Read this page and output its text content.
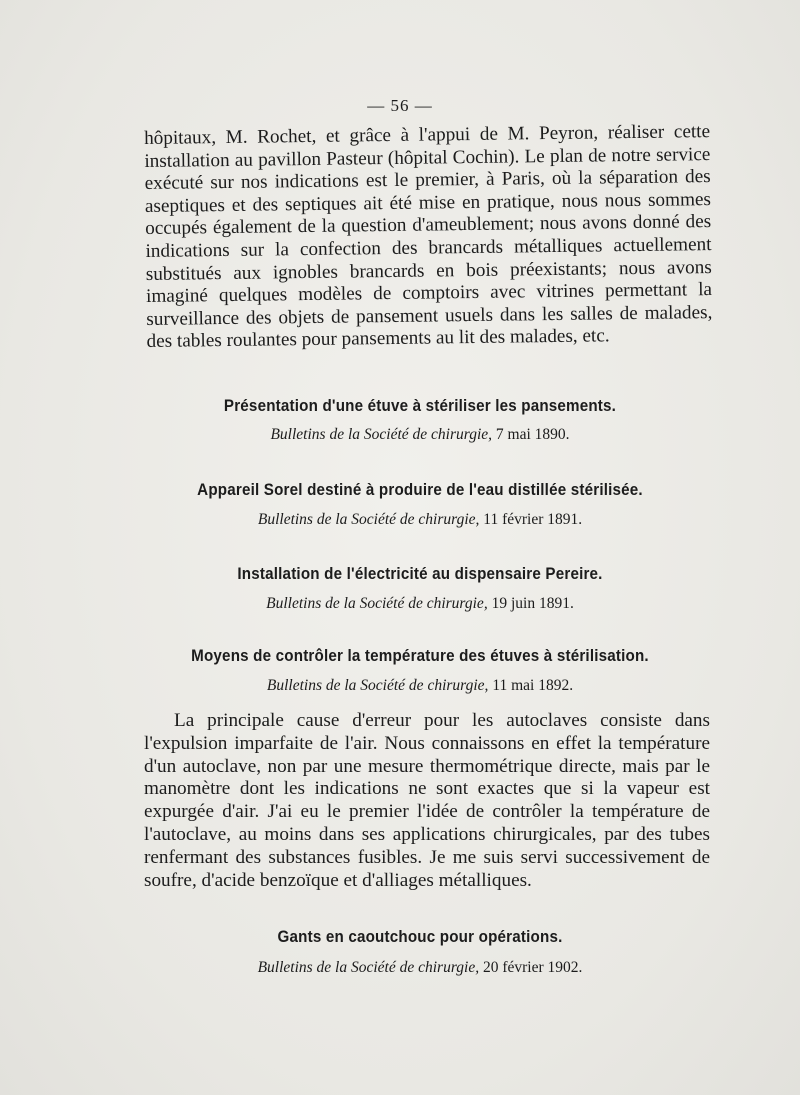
— 56 —

hôpitaux, M. Rochet, et grâce à l'appui de M. Peyron, réaliser cette installation au pavillon Pasteur (hôpital Cochin). Le plan de notre service exécuté sur nos indications est le premier, à Paris, où la séparation des aseptiques et des septiques ait été mise en pratique, nous nous sommes occupés également de la question d'ameublement; nous avons donné des indications sur la confection des brancards métalliques actuellement substitués aux ignobles brancards en bois préexistants; nous avons imaginé quelques modèles de comptoirs avec vitrines permettant la surveillance des objets de pansement usuels dans les salles de malades, des tables roulantes pour pansements au lit des malades, etc.

Présentation d'une étuve à stériliser les pansements.
Bulletins de la Société de chirurgie, 7 mai 1890.
Appareil Sorel destiné à produire de l'eau distillée stérilisée.
Bulletins de la Société de chirurgie, 11 février 1891.
Installation de l'électricité au dispensaire Pereire.
Bulletins de la Société de chirurgie, 19 juin 1891.
Moyens de contrôler la température des étuves à stérilisation.
Bulletins de la Société de chirurgie, 11 mai 1892.

La principale cause d'erreur pour les autoclaves consiste dans l'expulsion imparfaite de l'air. Nous connaissons en effet la température d'un autoclave, non par une mesure thermométrique directe, mais par le manomètre dont les indications ne sont exactes que si la vapeur est expurgée d'air. J'ai eu le premier l'idée de contrôler la température de l'autoclave, au moins dans ses applications chirurgicales, par des tubes renfermant des substances fusibles. Je me suis servi successivement de soufre, d'acide benzoïque et d'alliages métalliques.

Gants en caoutchouc pour opérations.
Bulletins de la Société de chirurgie, 20 février 1902.
